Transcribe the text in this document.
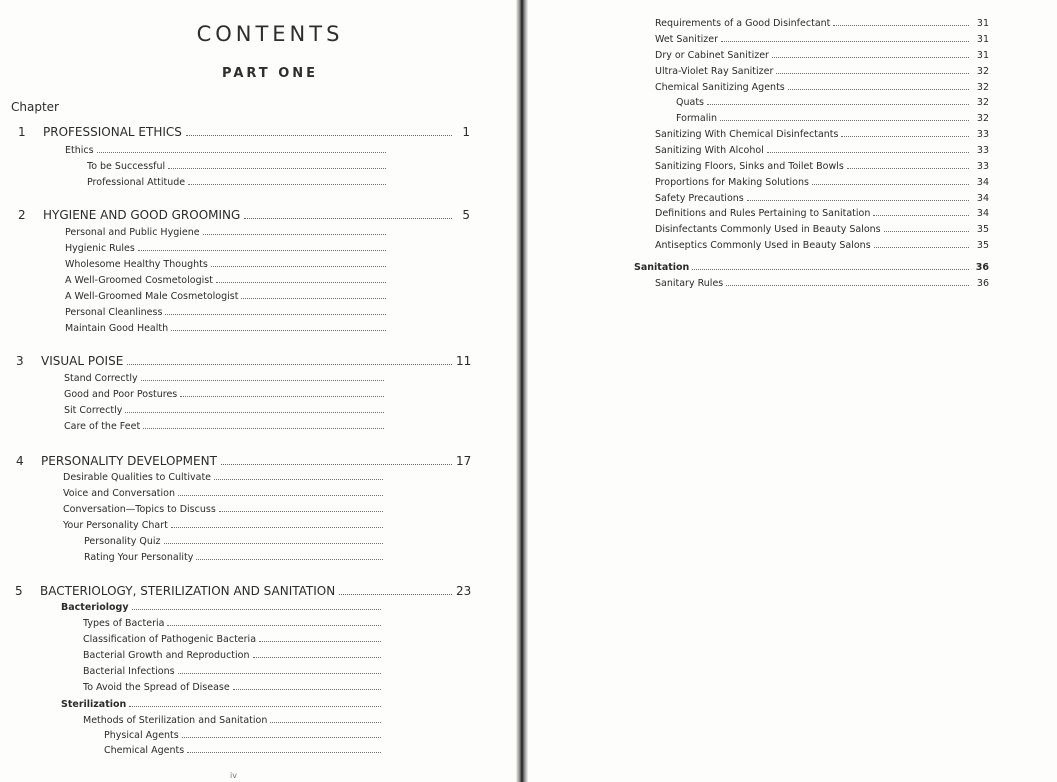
CONTENTS
PART ONE
Chapter
1 PROFESSIONAL ETHICS	1
Ethics
To be Successful
Professional Attitude
2 HYGIENE AND GOOD GROOMING	5
Personal and Public Hygiene
Hygienic Rules
Wholesome Healthy Thoughts
A Well-Groomed Cosmetologist
A Well-Groomed Male Cosmetologist
Personal Cleanliness
Maintain Good Health
3 VISUAL POISE	11
Stand Correctly
Good and Poor Postures
Sit Correctly
Care of the Feet
4 PERSONALITY DEVELOPMENT	17
Desirable Qualities to Cultivate
Voice and Conversation
Conversation—Topics to Discuss
Your Personality Chart
Personality Quiz
Rating Your Personality
5 BACTERIOLOGY, STERILIZATION AND SANITATION	23
Bacteriology
Types of Bacteria
Classification of Pathogenic Bacteria
Bacterial Growth and Reproduction
Bacterial Infections
To Avoid the Spread of Disease
Sterilization
Methods of Sterilization and Sanitation
Physical Agents
Chemical Agents
iv
Requirements of a Good Disinfectant	31
Wet Sanitizer	31
Dry or Cabinet Sanitizer	31
Ultra-Violet Ray Sanitizer	32
Chemical Sanitizing Agents	32
Quats	32
Formalin	32
Sanitizing With Chemical Disinfectants	33
Sanitizing With Alcohol	33
Sanitizing Floors, Sinks and Toilet Bowls	33
Proportions for Making Solutions	34
Safety Precautions	34
Definitions and Rules Pertaining to Sanitation	34
Disinfectants Commonly Used in Beauty Salons	35
Antiseptics Commonly Used in Beauty Salons	35
Sanitation	36
Sanitary Rules	36
